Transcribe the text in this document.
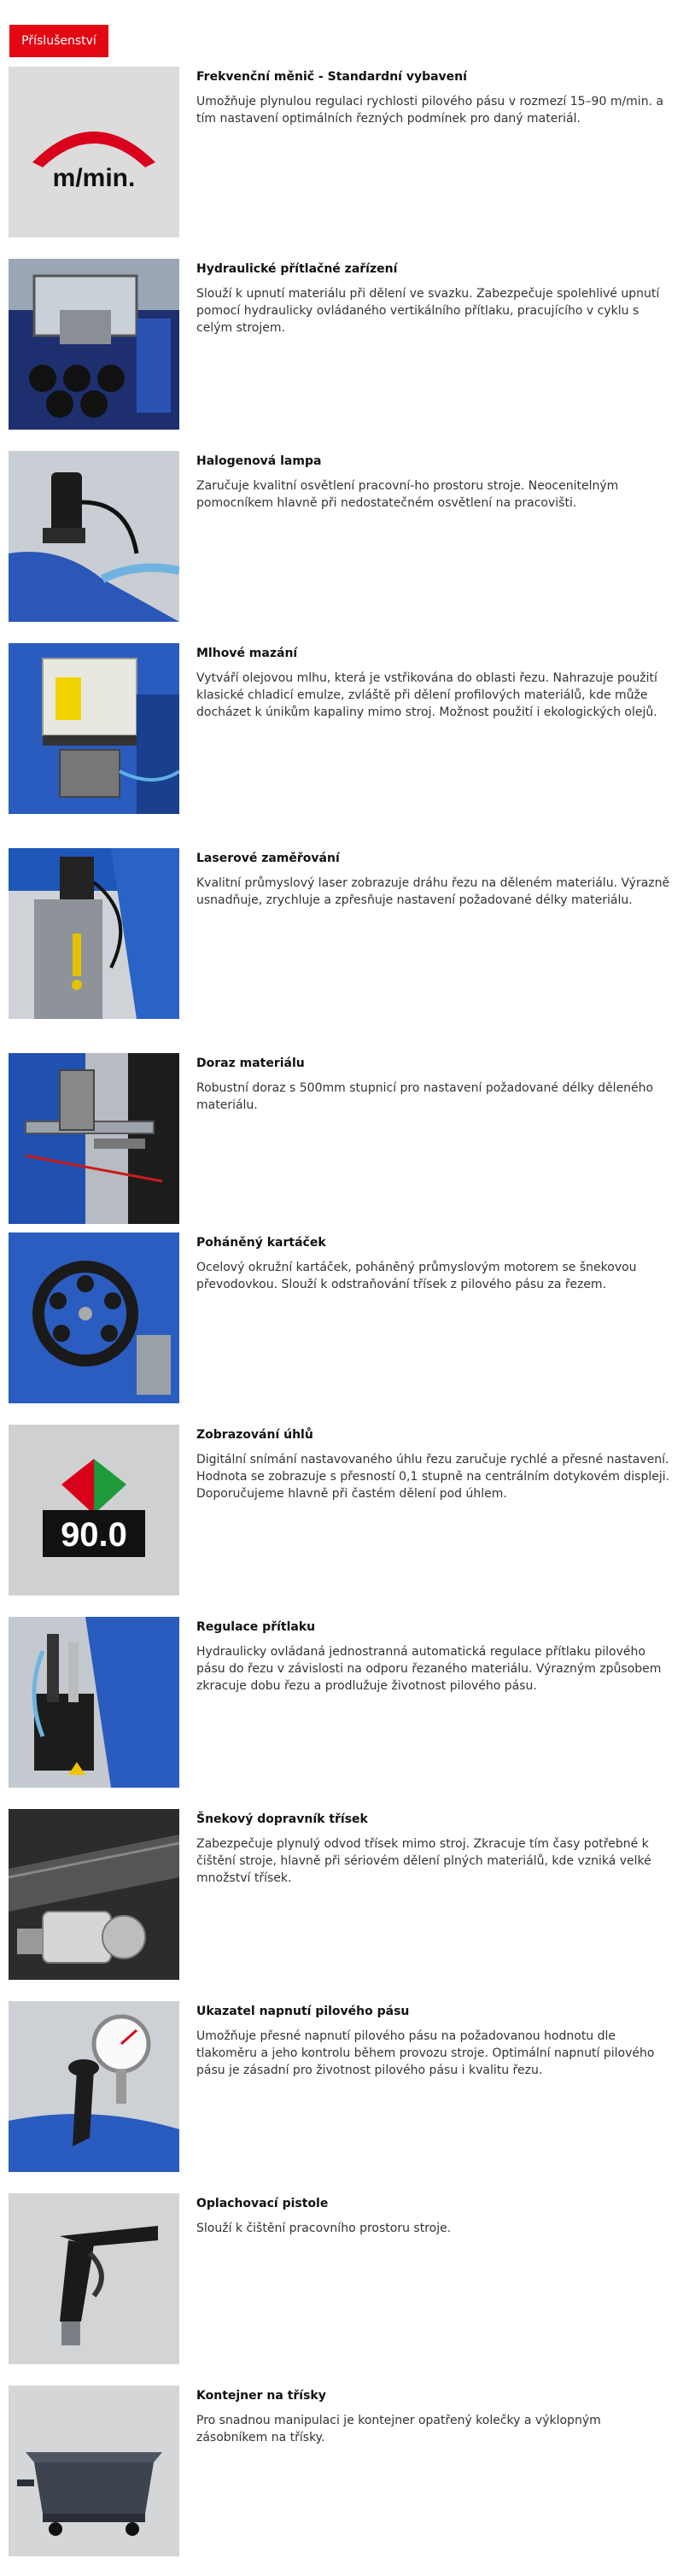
Příslušenství
m/min.
Frekvenční měnič - Standardní vybavení

Umožňuje plynulou regulaci rychlosti pilového pásu v rozmezí 15–90 m/min. a tím nastavení optimálních řezných podmínek pro daný materiál.

Hydraulické přítlačné zařízení

Slouží k upnutí materiálu při dělení ve svazku. Zabezpečuje spolehlivé upnutí pomocí hydraulicky ovládaného vertikálního přítlaku, pracujícího v cyklu s celým strojem.

Halogenová lampa

Zaručuje kvalitní osvětlení pracovní-ho prostoru stroje. Neocenitelným pomocníkem hlavně při nedostatečném osvětlení na pracovišti.

Mlhové mazání

Vytváří olejovou mlhu, která je vstřikována do oblasti řezu. Nahrazuje použití klasické chladicí emulze, zvláště při dělení profilových materiálů, kde může docházet k únikům kapaliny mimo stroj. Možnost použití i ekologických olejů.

Laserové zaměřování

Kvalitní průmyslový laser zobrazuje dráhu řezu na děleném materiálu. Výrazně usnadňuje, zrychluje a zpřesňuje nastavení požadované délky materiálu.

Doraz materiálu

Robustní doraz s 500mm stupnicí pro nastavení požadované délky děleného materiálu.

Poháněný kartáček

Ocelový okružní kartáček, poháněný průmyslovým motorem se šnekovou převodovkou. Slouží k odstraňování třísek z pilového pásu za řezem.

90.0
Zobrazování úhlů

Digitální snímání nastavovaného úhlu řezu zaručuje rychlé a přesné nastavení. Hodnota se zobrazuje s přesností 0,1 stupně na centrálním dotykovém displeji. Doporučujeme hlavně při častém dělení pod úhlem.

Regulace přítlaku

Hydraulicky ovládaná jednostranná automatická regulace přítlaku pilového pásu do řezu v závislosti na odporu řezaného materiálu. Výrazným způsobem zkracuje dobu řezu a prodlužuje životnost pilového pásu.

Šnekový dopravník třísek

Zabezpečuje plynulý odvod třísek mimo stroj. Zkracuje tím časy potřebné k čištění stroje, hlavně při sériovém dělení plných materiálů, kde vzniká velké množství třísek.

Ukazatel napnutí pilového pásu

Umožňuje přesné napnutí pilového pásu na požadovanou hodnotu dle tlakoměru a jeho kontrolu během provozu stroje. Optimální napnutí pilového pásu je zásadní pro životnost pilového pásu i kvalitu řezu.

Oplachovací pistole

Slouží k čištění pracovního prostoru stroje.

Kontejner na třísky

Pro snadnou manipulaci je kontejner opatřený kolečky a výklopným zásobníkem na třísky.
